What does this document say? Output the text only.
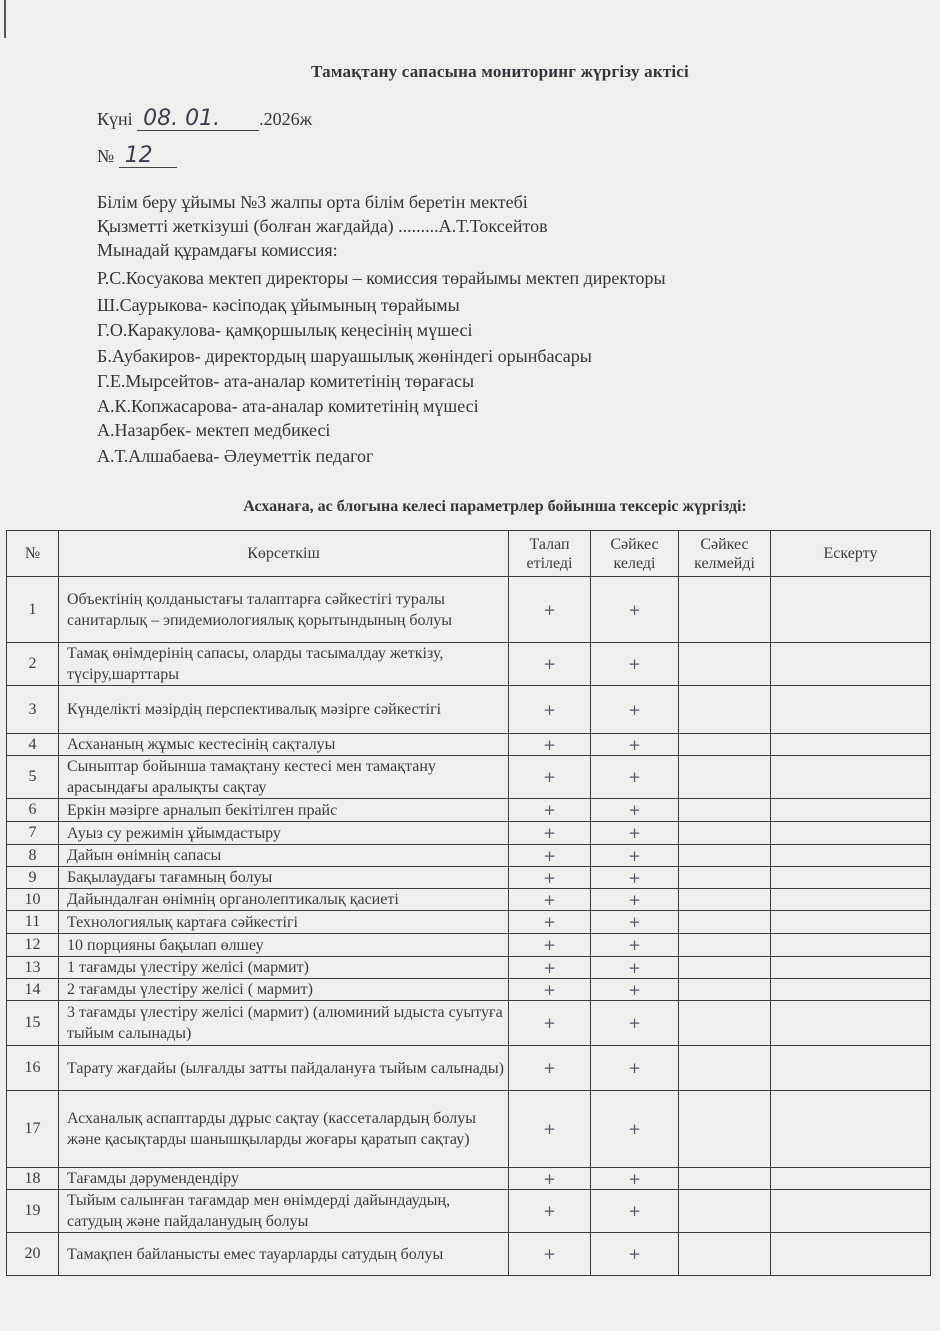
Тамақтану сапасына мониторинг жүргізу актісі
Күні 08. 01. .2026ж
№ 12
Білім беру ұйымы №3 жалпы орта білім беретін мектебі
Қызметті жеткізуші (болған жағдайда) .........А.Т.Токсейтов
Мынадай құрамдағы комиссия:
Р.С.Косуакова мектеп директоры – комиссия төрайымы мектеп директоры
Ш.Саурыкова- кәсіподақ ұйымының төрайымы
Г.О.Каракулова- қамқоршылық кеңесінің мүшесі
Б.Аубакиров- директордың шаруашылық жөніндегі орынбасары
Г.Е.Мырсейтов- ата-аналар комитетінің төрағасы
А.К.Копжасарова- ата-аналар комитетінің мүшесі
А.Назарбек- мектеп медбикесі
А.Т.Алшабаева- Әлеуметтік педагог
Асханаға, ас блогына келесі параметрлер бойынша тексеріс жүргізді:
№	Көрсеткіш	Талап етіледі	Сәйкес келеді	Сәйкес келмейді	Ескерту
1	Объектінің қолданыстағы талаптарға сәйкестігі туралы санитарлық – эпидемиологиялық қорытындының болуы	+	+		
2	Тамақ өнімдерінің сапасы, оларды тасымалдау жеткізу, түсіру,шарттары	+	+		
3	Күнделікті мәзірдің перспективалық мәзірге сәйкестігі	+	+		
4	Асхананың жұмыс кестесінің сақталуы	+	+		
5	Сыныптар бойынша тамақтану кестесі мен тамақтану арасындағы аралықты сақтау	+	+		
6	Еркін мәзірге арналып бекітілген прайс	+	+		
7	Ауыз су режимін ұйымдастыру	+	+		
8	Дайын өнімнің сапасы	+	+		
9	Бақылаудағы тағамның болуы	+	+		
10	Дайындалған өнімнің органолептикалық қасиеті	+	+		
11	Технологиялық картаға сәйкестігі	+	+		
12	10 порцияны бақылап өлшеу	+	+		
13	1 тағамды үлестіру желісі (мармит)	+	+		
14	2 тағамды үлестіру желісі ( мармит)	+	+		
15	3 тағамды үлестіру желісі (мармит) (алюминий ыдыста суытуға тыйым салынады)	+	+		
16	Тарату жағдайы (ылғалды затты пайдалануға тыйым салынады)	+	+		
17	Асханалық аспаптарды дұрыс сақтау (кассеталардың болуы және қасықтарды шанышқыларды жоғары қаратып сақтау)	+	+		
18	Тағамды дәрумендендіру	+	+		
19	Тыйым салынған тағамдар мен өнімдерді дайындаудың, сатудың және пайдаланудың болуы	+	+		
20	Тамақпен байланысты емес тауарларды сатудың болуы	+	+		
